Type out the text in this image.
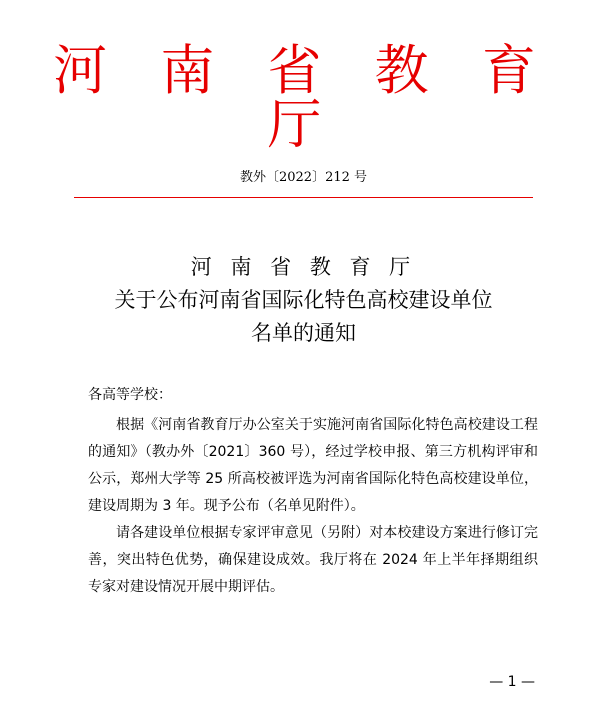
河 南 省 教 育 厅
教外〔2022〕212 号
河 南 省 教 育 厅
关于公布河南省国际化特色高校建设单位
名单的通知
各高等学校：

根据《河南省教育厅办公室关于实施河南省国际化特色高校建设工程的通知》（教办外〔2021〕360 号），经过学校申报、第三方机构评审和公示，郑州大学等 25 所高校被评选为河南省国际化特色高校建设单位，建设周期为 3 年。现予公布（名单见附件）。

请各建设单位根据专家评审意见（另附）对本校建设方案进行修订完善，突出特色优势，确保建设成效。我厅将在 2024 年上半年择期组织专家对建设情况开展中期评估。

— 1 —
